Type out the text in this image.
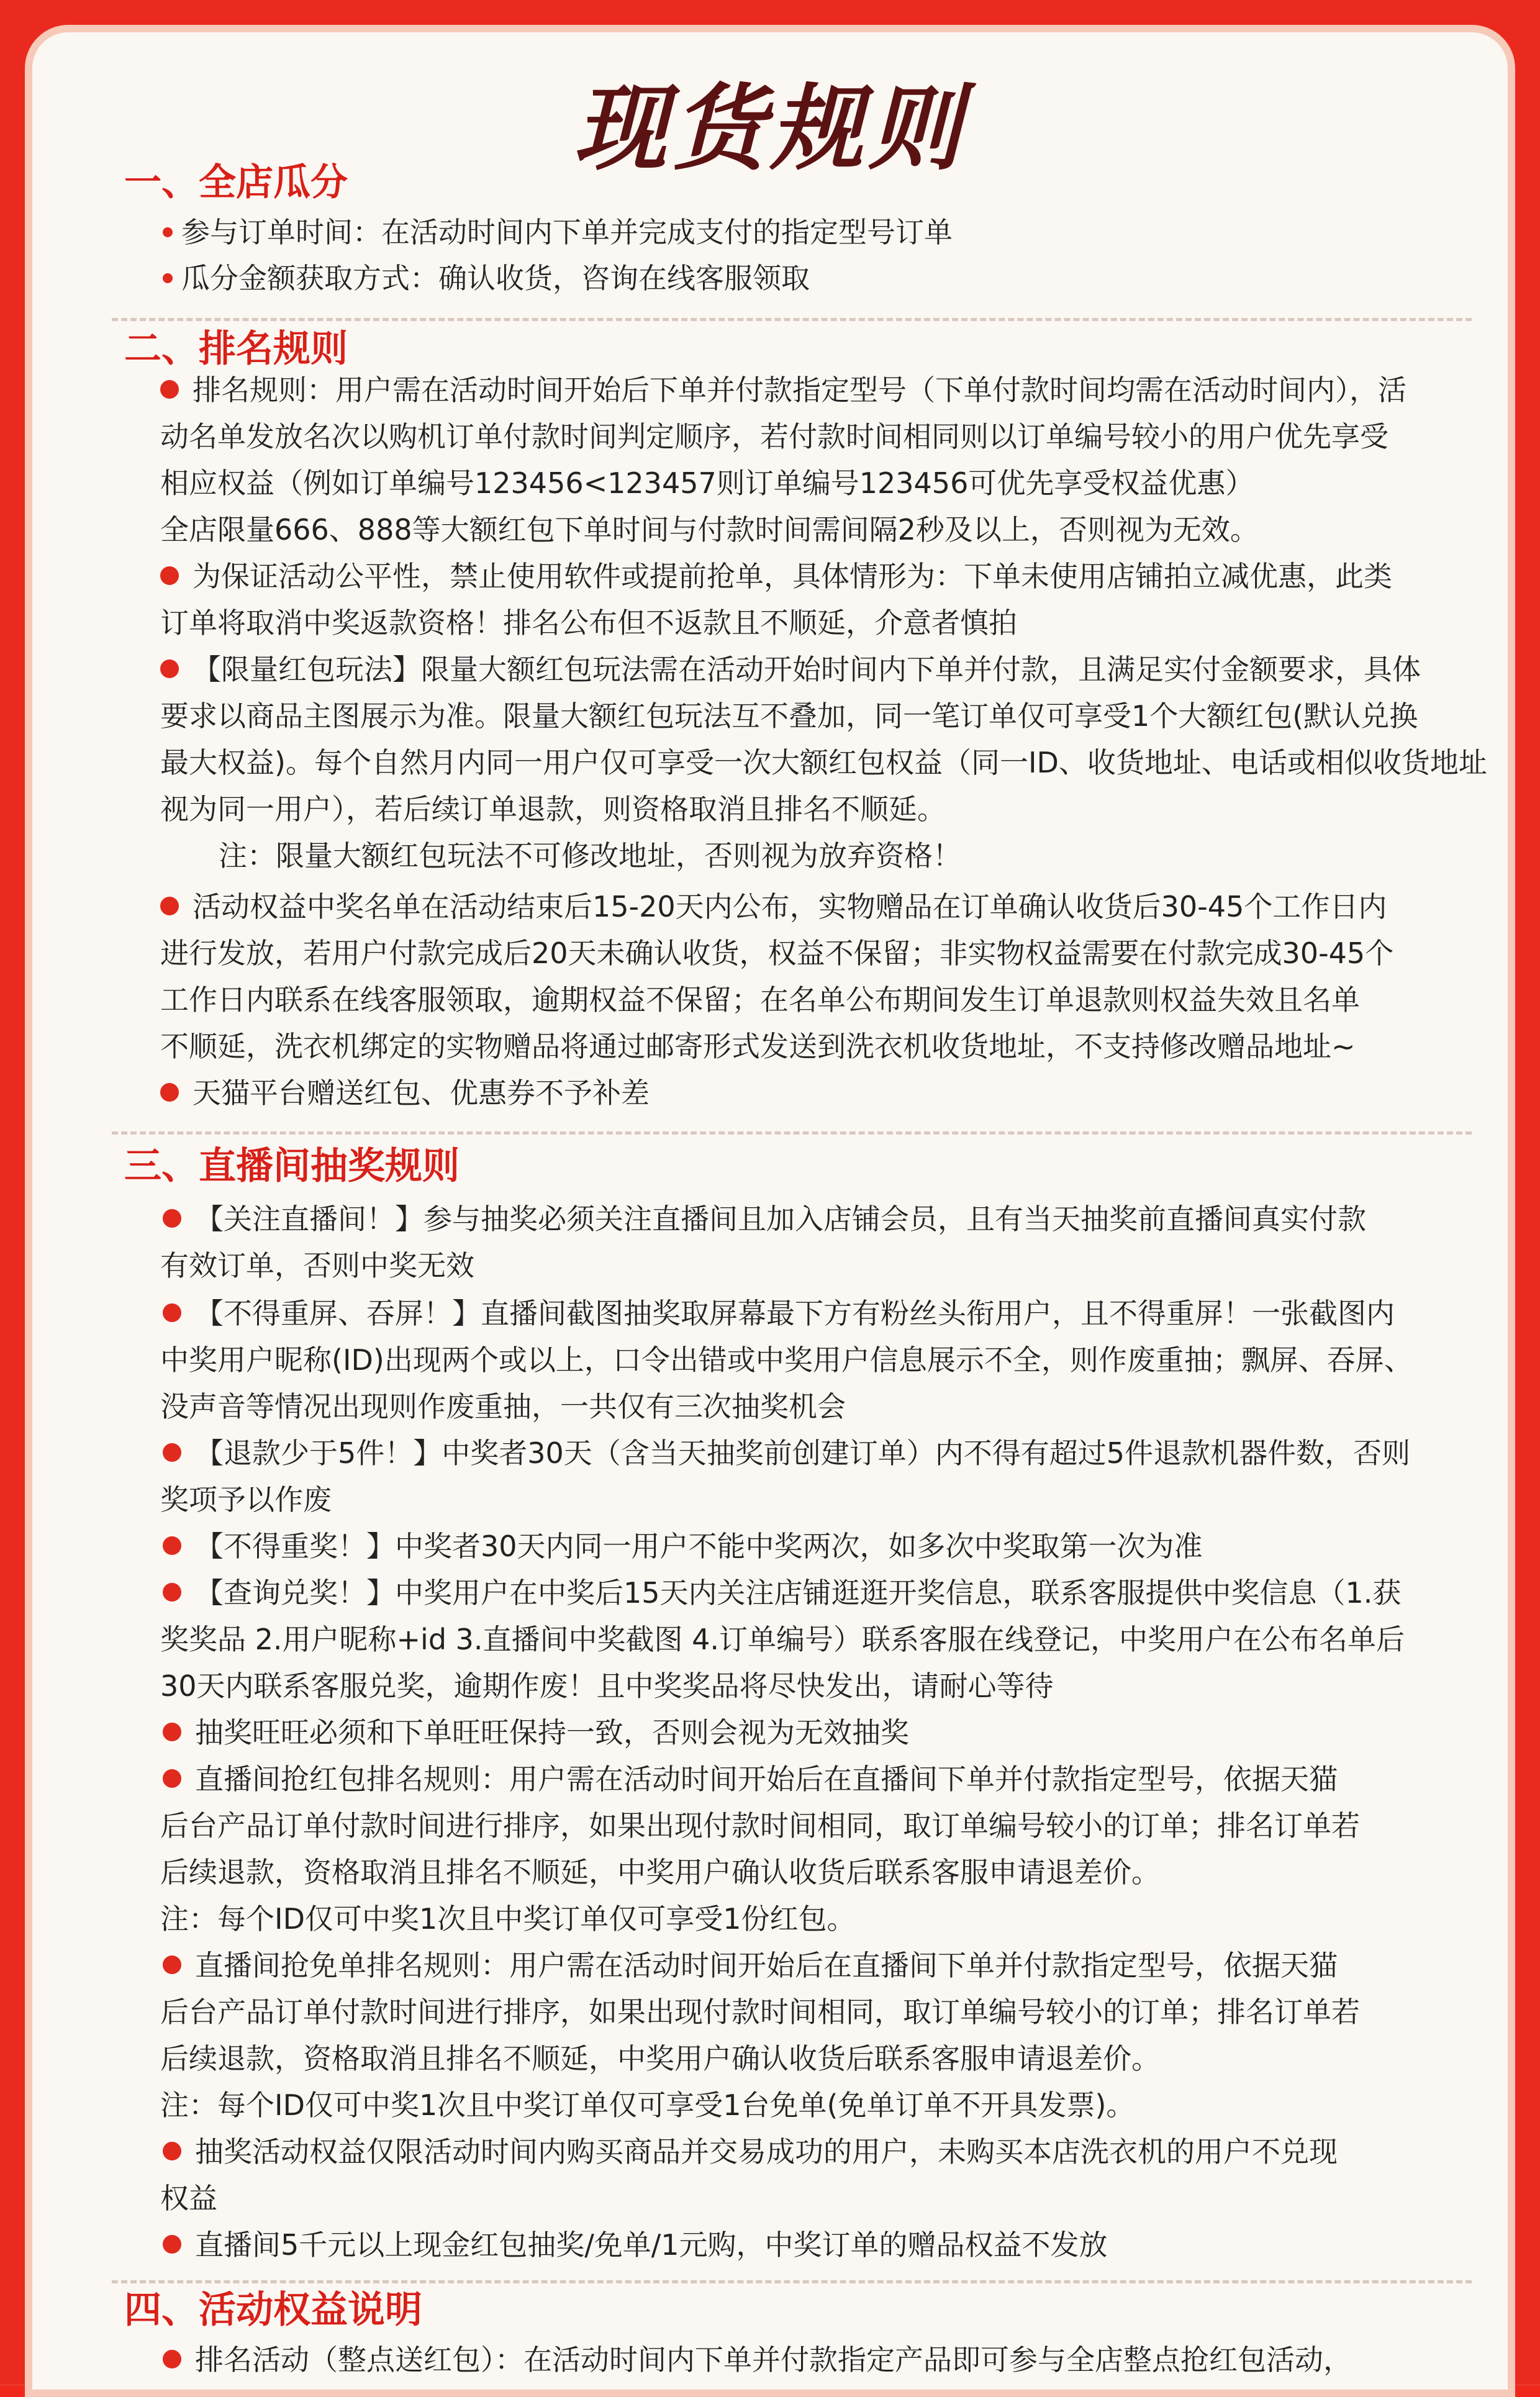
现货规则
一、全店瓜分
参与订单时间：在活动时间内下单并完成支付的指定型号订单
瓜分金额获取方式：确认收货，咨询在线客服领取
二、排名规则
排名规则：用户需在活动时间开始后下单并付款指定型号（下单付款时间均需在活动时间内），活
动名单发放名次以购机订单付款时间判定顺序，若付款时间相同则以订单编号较小的用户优先享受
相应权益（例如订单编号123456<123457则订单编号123456可优先享受权益优惠）
全店限量666、888等大额红包下单时间与付款时间需间隔2秒及以上，否则视为无效。
为保证活动公平性，禁止使用软件或提前抢单，具体情形为：下单未使用店铺拍立减优惠，此类
订单将取消中奖返款资格！排名公布但不返款且不顺延，介意者慎拍
【限量红包玩法】限量大额红包玩法需在活动开始时间内下单并付款，且满足实付金额要求，具体
要求以商品主图展示为准。限量大额红包玩法互不叠加，同一笔订单仅可享受1个大额红包(默认兑换
最大权益)。每个自然月内同一用户仅可享受一次大额红包权益（同一ID、收货地址、电话或相似收货地址
视为同一用户），若后续订单退款，则资格取消且排名不顺延。
注：限量大额红包玩法不可修改地址，否则视为放弃资格！
活动权益中奖名单在活动结束后15-20天内公布，实物赠品在订单确认收货后30-45个工作日内
进行发放，若用户付款完成后20天未确认收货，权益不保留；非实物权益需要在付款完成30-45个
工作日内联系在线客服领取，逾期权益不保留；在名单公布期间发生订单退款则权益失效且名单
不顺延，洗衣机绑定的实物赠品将通过邮寄形式发送到洗衣机收货地址，不支持修改赠品地址~
天猫平台赠送红包、优惠券不予补差
三、直播间抽奖规则
【关注直播间！】参与抽奖必须关注直播间且加入店铺会员，且有当天抽奖前直播间真实付款
有效订单，否则中奖无效
【不得重屏、吞屏！】直播间截图抽奖取屏幕最下方有粉丝头衔用户，且不得重屏！一张截图内
中奖用户昵称(ID)出现两个或以上，口令出错或中奖用户信息展示不全，则作废重抽；飘屏、吞屏、
没声音等情况出现则作废重抽，一共仅有三次抽奖机会
【退款少于5件！】中奖者30天（含当天抽奖前创建订单）内不得有超过5件退款机器件数，否则
奖项予以作废
【不得重奖！】中奖者30天内同一用户不能中奖两次，如多次中奖取第一次为准
【查询兑奖！】中奖用户在中奖后15天内关注店铺逛逛开奖信息，联系客服提供中奖信息（1.获
奖奖品 2.用户昵称+id 3.直播间中奖截图 4.订单编号）联系客服在线登记，中奖用户在公布名单后
30天内联系客服兑奖，逾期作废！且中奖奖品将尽快发出，请耐心等待
抽奖旺旺必须和下单旺旺保持一致，否则会视为无效抽奖
直播间抢红包排名规则：用户需在活动时间开始后在直播间下单并付款指定型号，依据天猫
后台产品订单付款时间进行排序，如果出现付款时间相同，取订单编号较小的订单；排名订单若
后续退款，资格取消且排名不顺延，中奖用户确认收货后联系客服申请退差价。
注：每个ID仅可中奖1次且中奖订单仅可享受1份红包。
直播间抢免单排名规则：用户需在活动时间开始后在直播间下单并付款指定型号，依据天猫
后台产品订单付款时间进行排序，如果出现付款时间相同，取订单编号较小的订单；排名订单若
后续退款，资格取消且排名不顺延，中奖用户确认收货后联系客服申请退差价。
注：每个ID仅可中奖1次且中奖订单仅可享受1台免单(免单订单不开具发票)。
抽奖活动权益仅限活动时间内购买商品并交易成功的用户，未购买本店洗衣机的用户不兑现
权益
直播间5千元以上现金红包抽奖/免单/1元购，中奖订单的赠品权益不发放
四、活动权益说明
排名活动（整点送红包）：在活动时间内下单并付款指定产品即可参与全店整点抢红包活动，
